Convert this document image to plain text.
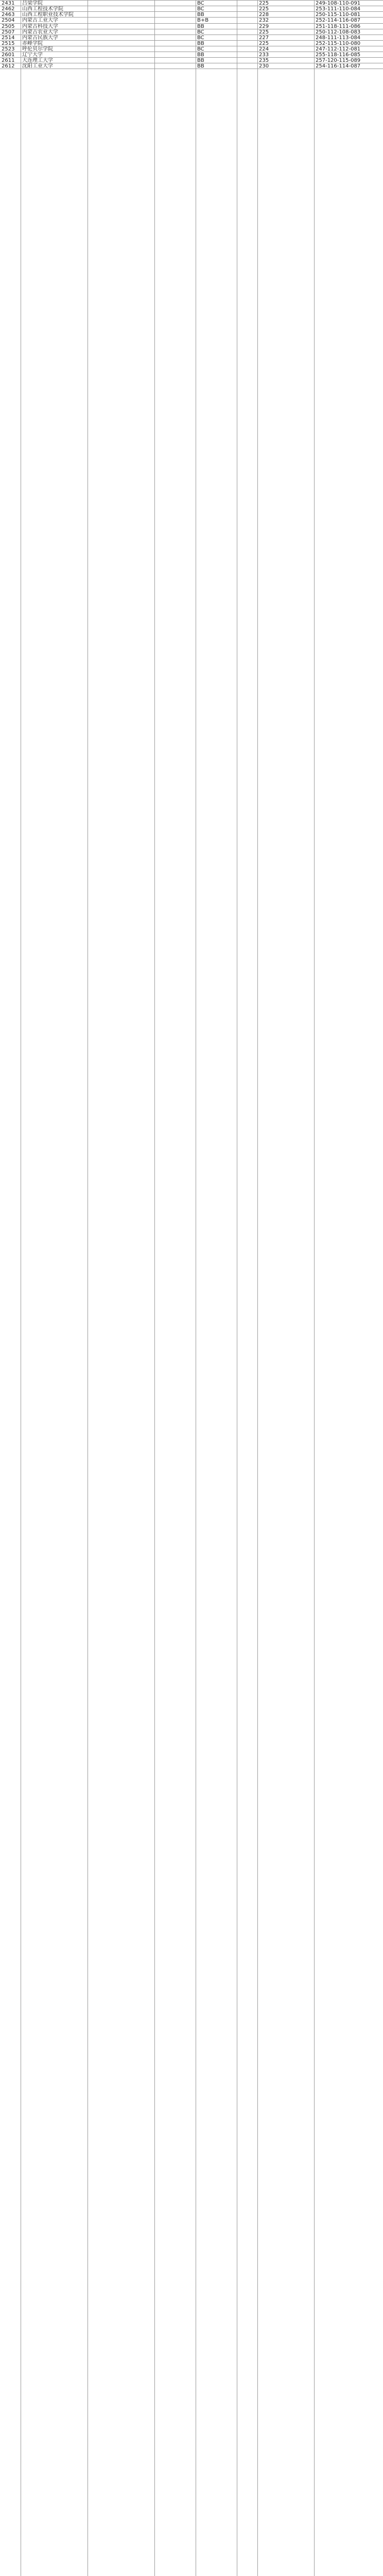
2431	吕梁学院	BC	225	249-108-110-091
2462	山西工程技术学院	BC	225	253-111-110-084
2463	山西工程职业技术学院	BB	228	250-115-110-081
2504	内蒙古工业大学	B+B	232	252-114-116-087
2505	内蒙古科技大学	BB	229	251-118-111-086
2507	内蒙古农业大学	BC	225	250-112-108-083
2514	内蒙古民族大学	BC	227	248-111-113-084
2515	赤峰学院	BB	225	252-115-110-080
2523	呼伦贝尔学院	BC	224	247-112-112-081
2601	辽宁大学	BB	233	255-118-116-085
2611	大连理工大学	BB	235	257-120-115-089
2612	沈阳工业大学	BB	230	254-116-114-087
